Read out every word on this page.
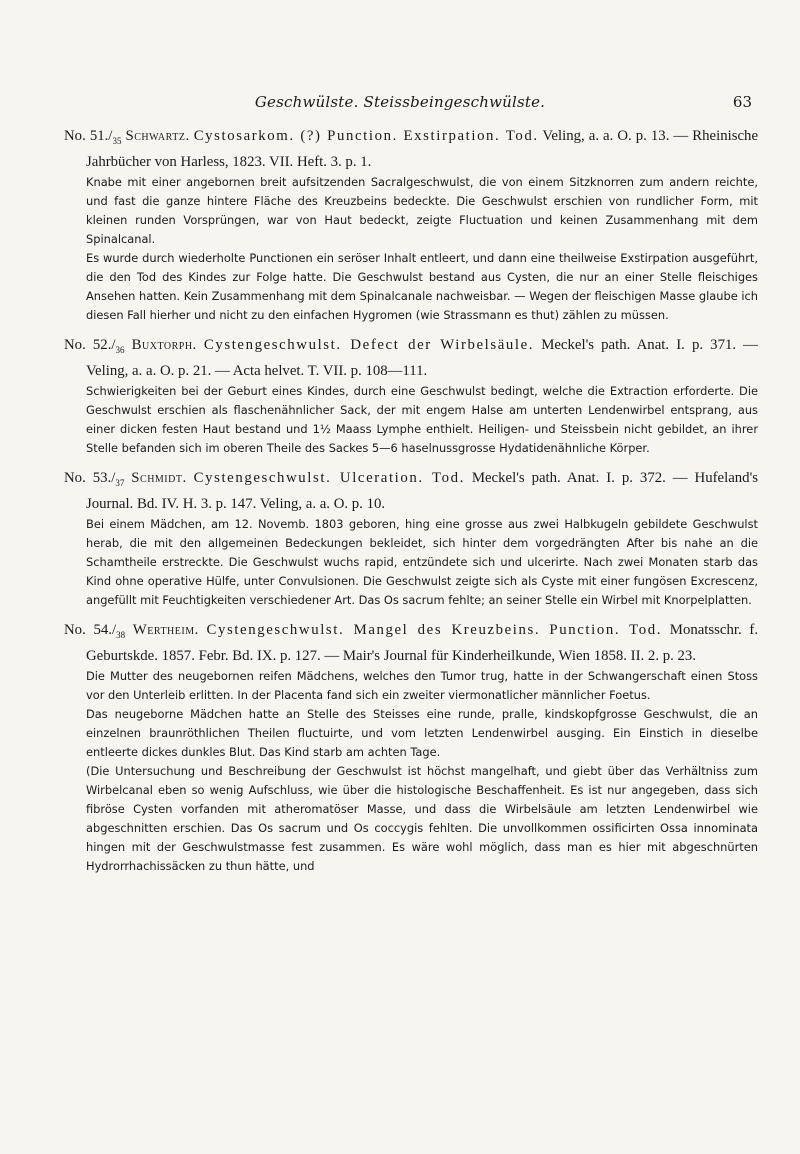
Geschwülste. Steissbeingeschwülste.	63
No. $51./_{35}$ Schwartz. Cystosarkom. (?) Punction. Exstirpation. Tod. Veling, a. a. O. p. 13. — Rheinische Jahrbücher von Harless, 1823. VII. Heft. 3. p. 1.

Knabe mit einer angebornen breit aufsitzenden Sacralgeschwulst, die von einem Sitzknorren zum andern reichte, und fast die ganze hintere Fläche des Kreuzbeins bedeckte. Die Geschwulst erschien von rundlicher Form, mit kleinen runden Vorsprüngen, war von Haut bedeckt, zeigte Fluctuation und keinen Zusammenhang mit dem Spinalcanal.

Es wurde durch wiederholte Punctionen ein seröser Inhalt entleert, und dann eine theilweise Exstirpation ausgeführt, die den Tod des Kindes zur Folge hatte. Die Geschwulst bestand aus Cysten, die nur an einer Stelle fleischiges Ansehen hatten. Kein Zusammenhang mit dem Spinalcanale nachweisbar. — Wegen der fleischigen Masse glaube ich diesen Fall hierher und nicht zu den einfachen Hygromen (wie Strassmann es thut) zählen zu müssen.

No. $52./_{36}$ Buxtorph. Cystengeschwulst. Defect der Wirbelsäule. Meckel's path. Anat. I. p. 371. — Veling, a. a. O. p. 21. — Acta helvet. T. VII. p. 108—111.

Schwierigkeiten bei der Geburt eines Kindes, durch eine Geschwulst bedingt, welche die Extraction erforderte. Die Geschwulst erschien als flaschenähnlicher Sack, der mit engem Halse am unterten Lendenwirbel entsprang, aus einer dicken festen Haut bestand und 1½ Maass Lymphe enthielt. Heiligen- und Steissbein nicht gebildet, an ihrer Stelle befanden sich im oberen Theile des Sackes 5—6 haselnussgrosse Hydatidenähnliche Körper.

No. $53./_{37}$ Schmidt. Cystengeschwulst. Ulceration. Tod. Meckel's path. Anat. I. p. 372. — Hufeland's Journal. Bd. IV. H. 3. p. 147. Veling, a. a. O. p. 10.

Bei einem Mädchen, am 12. Novemb. 1803 geboren, hing eine grosse aus zwei Halbkugeln gebildete Geschwulst herab, die mit den allgemeinen Bedeckungen bekleidet, sich hinter dem vorgedrängten After bis nahe an die Schamtheile erstreckte. Die Geschwulst wuchs rapid, entzündete sich und ulcerirte. Nach zwei Monaten starb das Kind ohne operative Hülfe, unter Convulsionen. Die Geschwulst zeigte sich als Cyste mit einer fungösen Excrescenz, angefüllt mit Feuchtigkeiten verschiedener Art. Das Os sacrum fehlte; an seiner Stelle ein Wirbel mit Knorpelplatten.

No. $54./_{38}$ Wertheim. Cystengeschwulst. Mangel des Kreuzbeins. Punction. Tod. Monatsschr. f. Geburtskde. 1857. Febr. Bd. IX. p. 127. — Mair's Journal für Kinderheilkunde, Wien 1858. II. 2. p. 23.

Die Mutter des neugebornen reifen Mädchens, welches den Tumor trug, hatte in der Schwangerschaft einen Stoss vor den Unterleib erlitten. In der Placenta fand sich ein zweiter viermonatlicher männlicher Foetus.

Das neugeborne Mädchen hatte an Stelle des Steisses eine runde, pralle, kindskopfgrosse Geschwulst, die an einzelnen braunröthlichen Theilen fluctuirte, und vom letzten Lendenwirbel ausging. Ein Einstich in dieselbe entleerte dickes dunkles Blut. Das Kind starb am achten Tage.

(Die Untersuchung und Beschreibung der Geschwulst ist höchst mangelhaft, und giebt über das Verhältniss zum Wirbelcanal eben so wenig Aufschluss, wie über die histologische Beschaffenheit. Es ist nur angegeben, dass sich fibröse Cysten vorfanden mit atheromatöser Masse, und dass die Wirbelsäule am letzten Lendenwirbel wie abgeschnitten erschien. Das Os sacrum und Os coccygis fehlten. Die unvollkommen ossificirten Ossa innominata hingen mit der Geschwulstmasse fest zusammen. Es wäre wohl möglich, dass man es hier mit abgeschnürten Hydrorrhachissäcken zu thun hätte, und
